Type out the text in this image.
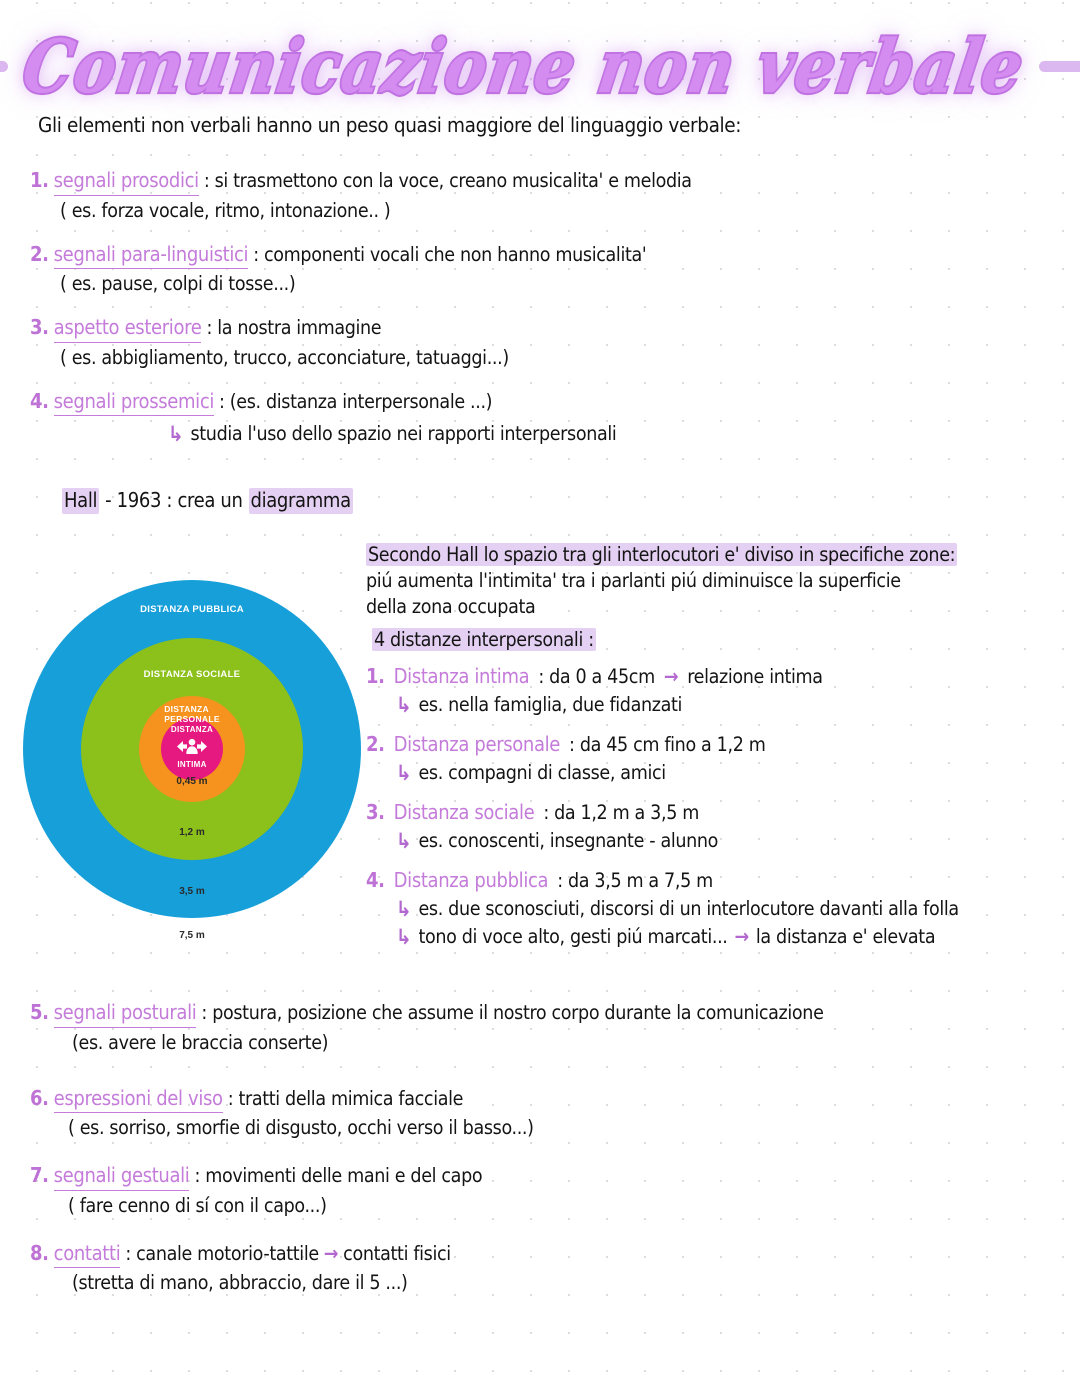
Comunicazione non verbale
Gli elementi non verbali hanno un peso quasi maggiore del linguaggio verbale:
1. segnali prosodici : si trasmettono con la voce, creano musicalita' e melodia
( es. forza vocale, ritmo, intonazione.. )
2. segnali para-linguistici : componenti vocali che non hanno musicalita'
( es. pause, colpi di tosse...)
3. aspetto esteriore : la nostra immagine
( es. abbigliamento, trucco, acconciature, tatuaggi...)
4. segnali prossemici : (es. distanza interpersonale ...)
↳ studia l'uso dello spazio nei rapporti interpersonali
Hall - 1963 : crea un diagramma
DISTANZA PUBBLICA
DISTANZA SOCIALE
DISTANZA
PERSONALE
DISTANZA
INTIMA
0,45 m
1,2 m
3,5 m
7,5 m
Secondo Hall lo spazio tra gli interlocutori e' diviso in specifiche zone:
piú aumenta l'intimita' tra i parlanti piú diminuisce la superficie
della zona occupata
4 distanze interpersonali :
1. Distanza intima : da 0 a 45cm → relazione intima
↳ es. nella famiglia, due fidanzati
2. Distanza personale : da 45 cm fino a 1,2 m
↳ es. compagni di classe, amici
3. Distanza sociale : da 1,2 m a 3,5 m
↳ es. conoscenti, insegnante - alunno
4. Distanza pubblica : da 3,5 m a 7,5 m
↳ es. due sconosciuti, discorsi di un interlocutore davanti alla folla
↳ tono di voce alto, gesti piú marcati... → la distanza e' elevata
5. segnali posturali : postura, posizione che assume il nostro corpo durante la comunicazione
(es. avere le braccia conserte)
6. espressioni del viso : tratti della mimica facciale
( es. sorriso, smorfie di disgusto, occhi verso il basso...)
7. segnali gestuali : movimenti delle mani e del capo
( fare cenno di sí con il capo...)
8. contatti : canale motorio-tattile → contatti fisici
(stretta di mano, abbraccio, dare il 5 ...)
